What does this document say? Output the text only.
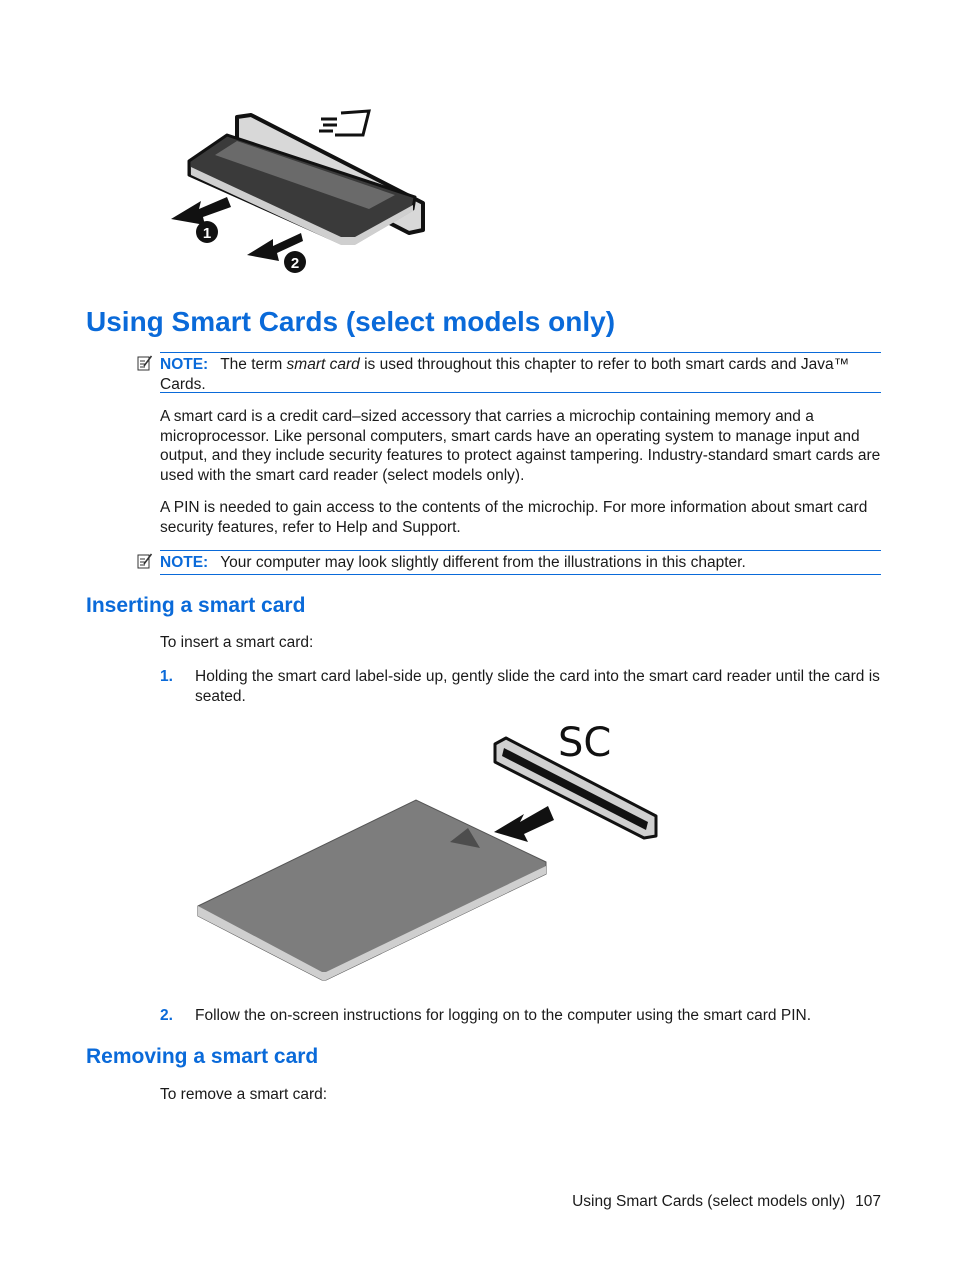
1
2
Using Smart Cards (select models only)
NOTE: The term smart card is used throughout this chapter to refer to both smart cards and Java™ Cards.
A smart card is a credit card–sized accessory that carries a microchip containing memory and a microprocessor. Like personal computers, smart cards have an operating system to manage input and output, and they include security features to protect against tampering. Industry-standard smart cards are used with the smart card reader (select models only).
A PIN is needed to gain access to the contents of the microchip. For more information about smart card security features, refer to Help and Support.
NOTE: Your computer may look slightly different from the illustrations in this chapter.
Inserting a smart card
To insert a smart card:
1. Holding the smart card label-side up, gently slide the card into the smart card reader until the card is seated.
SC
2. Follow the on-screen instructions for logging on to the computer using the smart card PIN.
Removing a smart card
To remove a smart card:
Using Smart Cards (select models only) 107
